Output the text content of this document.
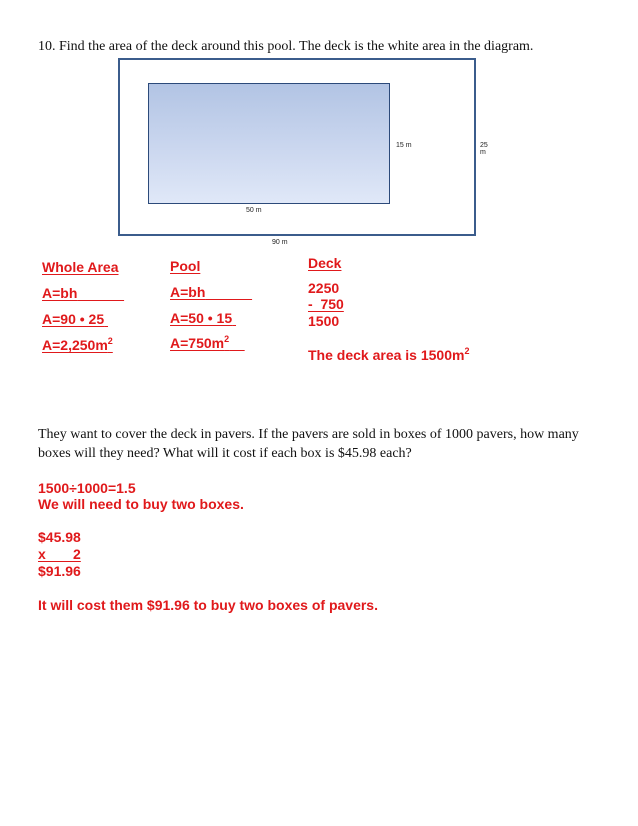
10. Find the area of the deck around this pool. The deck is the white area in the diagram.
15 m	25 m
50 m
90 m
Whole Area
A=bh
A=90 • 25
$A=2,250m^2$
Pool
A=bh
A=50 • 15
$A=750m^2$
Deck
2250
-  750
1500
The deck area is $1500m^2$
They want to cover the deck in pavers. If the pavers are sold in boxes of 1000 pavers, how many boxes will they need? What will it cost if each box is $45.98 each?
1500÷1000=1.5
We will need to buy two boxes.
$45.98
x       2
$91.96
It will cost them $91.96 to buy two boxes of pavers.
